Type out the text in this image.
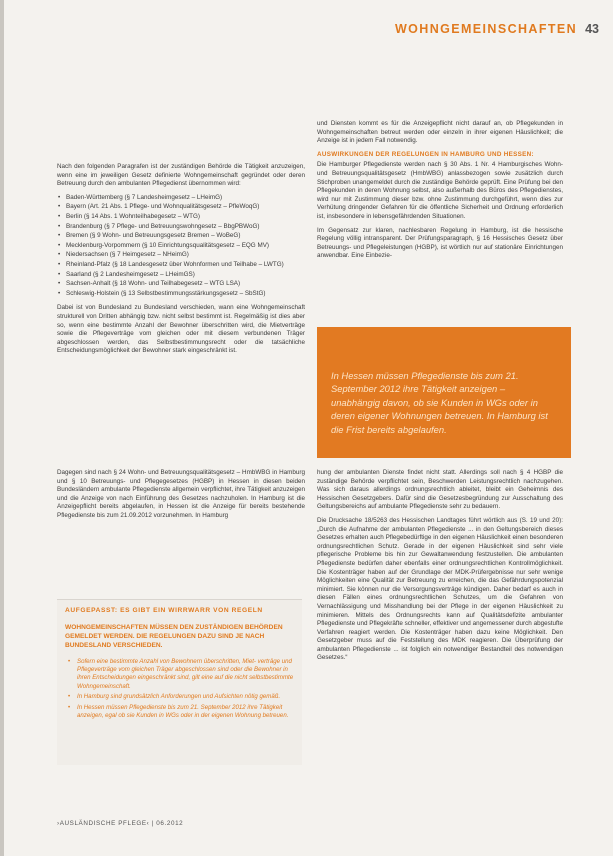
WOHNGEMEINSCHAFTEN 43

und Diensten kommt es für die Anzeigepflicht nicht darauf an, ob Pflegekunden in Wohngemeinschaften betreut werden oder einzeln in ihrer eigenen Häuslichkeit; die Anzeige ist in jedem Fall notwendig.

AUSWIRKUNGEN DER REGELUNGEN IN HAMBURG UND HESSEN:

Die Hamburger Pflegedienste werden nach § 30 Abs. 1 Nr. 4 Hamburgisches Wohn- und Betreuungsqualitätsgesetz (HmbWBG) anlassbezogen sowie zusätzlich durch Stichproben unangemeldet durch die zuständige Behörde geprüft. Eine Prüfung bei den Pflegekunden in deren Wohnung selbst, also außerhalb des Büros des Pflegedienstes, wird nur mit Zustimmung dieser bzw. ohne Zustimmung durchgeführt, wenn dies zur Verhütung dringender Gefahren für die öffentliche Sicherheit und Ordnung erforderlich ist, insbesondere in lebensgefährdenden Situationen.

Im Gegensatz zur klaren, nachlesbaren Regelung in Hamburg, ist die hessische Regelung völlig intransparent. Der Prüfungsparagraph, § 16 Hessisches Gesetz über Betreuungs- und Pflegeleistungen (HGBP), ist wörtlich nur auf stationäre Einrichtungen anwendbar. Eine Einbezie-

In Hessen müssen Pflegedienste bis zum 21. September 2012 ihre Tätigkeit anzeigen – unabhängig davon, ob sie Kunden in WGs oder in deren eigener Wohnungen betreuen. In Hamburg ist die Frist bereits abgelaufen.

Nach den folgenden Paragrafen ist der zuständigen Behörde die Tätigkeit anzuzeigen, wenn eine im jeweiligen Gesetz definierte Wohngemeinschaft gegründet oder deren Betreuung durch den ambulanten Pflegedienst übernommen wird:

• Baden-Württemberg (§ 7 Landesheimgesetz – LHeimG)
• Bayern (Art. 21 Abs. 1 Pflege- und Wohnqualitätsgesetz – PfleWoqG)
• Berlin (§ 14 Abs. 1 Wohnteilhabegesetz – WTG)
• Brandenburg (§ 7 Pflege- und Betreuungswohngesetz – BbgPBWoG)
• Bremen (§ 9 Wohn- und Betreuungsgesetz Bremen – WoBeG)
• Mecklenburg-Vorpommern (§ 10 Einrichtungsqualitätsgesetz – EQG MV)
• Niedersachsen (§ 7 Heimgesetz – NHeimG)
• Rheinland-Pfalz (§ 18 Landesgesetz über Wohnformen und Teilhabe – LWTG)
• Saarland (§ 2 Landesheimgesetz – LHeimGS)
• Sachsen-Anhalt (§ 18 Wohn- und Teilhabegesetz – WTG LSA)
• Schleswig-Holstein (§ 13 Selbstbestimmungsstärkungsgesetz – SbStG)

Dabei ist von Bundesland zu Bundesland verschieden, wann eine Wohngemeinschaft strukturell von Dritten abhängig bzw. nicht selbst bestimmt ist. Regelmäßig ist dies aber so, wenn eine bestimmte Anzahl der Bewohner überschritten wird, die Mietverträge sowie die Pflegeverträge vom gleichen oder mit diesem verbundenen Träger abgeschlossen werden, das Selbstbestimmungsrecht oder die tatsächliche Entscheidungsmöglichkeit der Bewohner stark eingeschränkt ist.

Dagegen sind nach § 24 Wohn- und Betreuungsqualitätsgesetz – HmbWBG in Hamburg und § 10 Betreuungs- und Pflegegesetzes (HGBP) in Hessen in diesen beiden Bundesländern ambulante Pflegedienste allgemein verpflichtet, ihre Tätigkeit anzuzeigen und die Anzeige von nach Einführung des Gesetzes nachzuholen. In Hamburg ist die Anzeigepflicht bereits abgelaufen, in Hessen ist die Anzeige für bereits bestehende Pflegedienste bis zum 21.09.2012 vorzunehmen. In Hamburg

hung der ambulanten Dienste findet nicht statt. Allerdings soll nach § 4 HGBP die zuständige Behörde verpflichtet sein, Beschwerden Leistungsrechtlich nachzugehen. Was sich daraus allerdings ordnungsrechtlich ableitet, bleibt ein Geheimnis des Hessischen Gesetzgebers. Dafür sind die Gesetzesbegründung zur Ausschaltung des Geltungsbereichs auf ambulante Pflegedienste sehr zu bedauern.

Die Drucksache 18/5263 des Hessischen Landtages führt wörtlich aus (S. 19 und 20): „Durch die Aufnahme der ambulanten Pflegedienste ... in den Geltungsbereich dieses Gesetzes erhalten auch Pflegebedürftige in den eigenen Häuslichkeit einen besonderen ordnungsrechtlichen Schutz. Gerade in der eigenen Häuslichkeit sind sehr viele pflegerische Probleme bis hin zur Gewaltanwendung festzustellen. Die ambulanten Pflegedienste bedürfen daher ebenfalls einer ordnungsrechtlichen Kontrollmöglichkeit. Die Kostenträger haben auf der Grundlage der MDK-Prüfergebnisse nur sehr wenige Möglichkeiten eine Qualität zur Betreuung zu erreichen, die das Gefährdungspotenzial minimiert. Sie können nur die Versorgungsverträge kündigen. Daher bedarf es auch in diesen Fällen eines ordnungsrechtlichen Schutzes, um die Gefahren von Vernachlässigung und Misshandlung bei der Pflege in der eigenen Häuslichkeit zu minimieren. Mittels des Ordnungsrechts kann auf Qualitätsdefizite ambulanter Pflegedienste und Pflegekräfte schneller, effektiver und angemessener durch abgestufte Verfahren reagiert werden. Die Kostenträger haben dazu keine Möglichkeit. Den Gesetzgeber muss auf die Feststellung des MDK reagieren. Die Überprüfung der ambulanten Pflegedienste ... ist folglich ein notwendiger Bestandteil des notwendigen Gesetzes.“

AUFGEPASST: ES GIBT EIN WIRRWARR VON REGELN
WOHNGEMEINSCHAFTEN MÜSSEN DEN ZUSTÄNDIGEN BEHÖRDEN GEMELDET WERDEN. DIE REGELUNGEN DAZU SIND JE NACH BUNDESLAND VERSCHIEDEN.
• Sofern eine bestimmte Anzahl von Bewohnern überschritten, Miet- verträge und Pflegeverträge vom gleichen Träger abgeschlossen sind oder die Bewohner in ihren Entscheidungen eingeschränkt sind, gilt eine auf die nicht selbstbestimmte Wohngemeinschaft.
• In Hamburg sind grundsätzlich Anforderungen und Aufsichten nötig gemäß.
• In Hessen müssen Pflegedienste bis zum 21. September 2012 ihre Tätigkeit anzeigen, egal ob sie Kunden in WGs oder in der eigenen Wohnung betreuen.
›AUSLÄNDISCHE PFLEGE‹ | 06.2012
